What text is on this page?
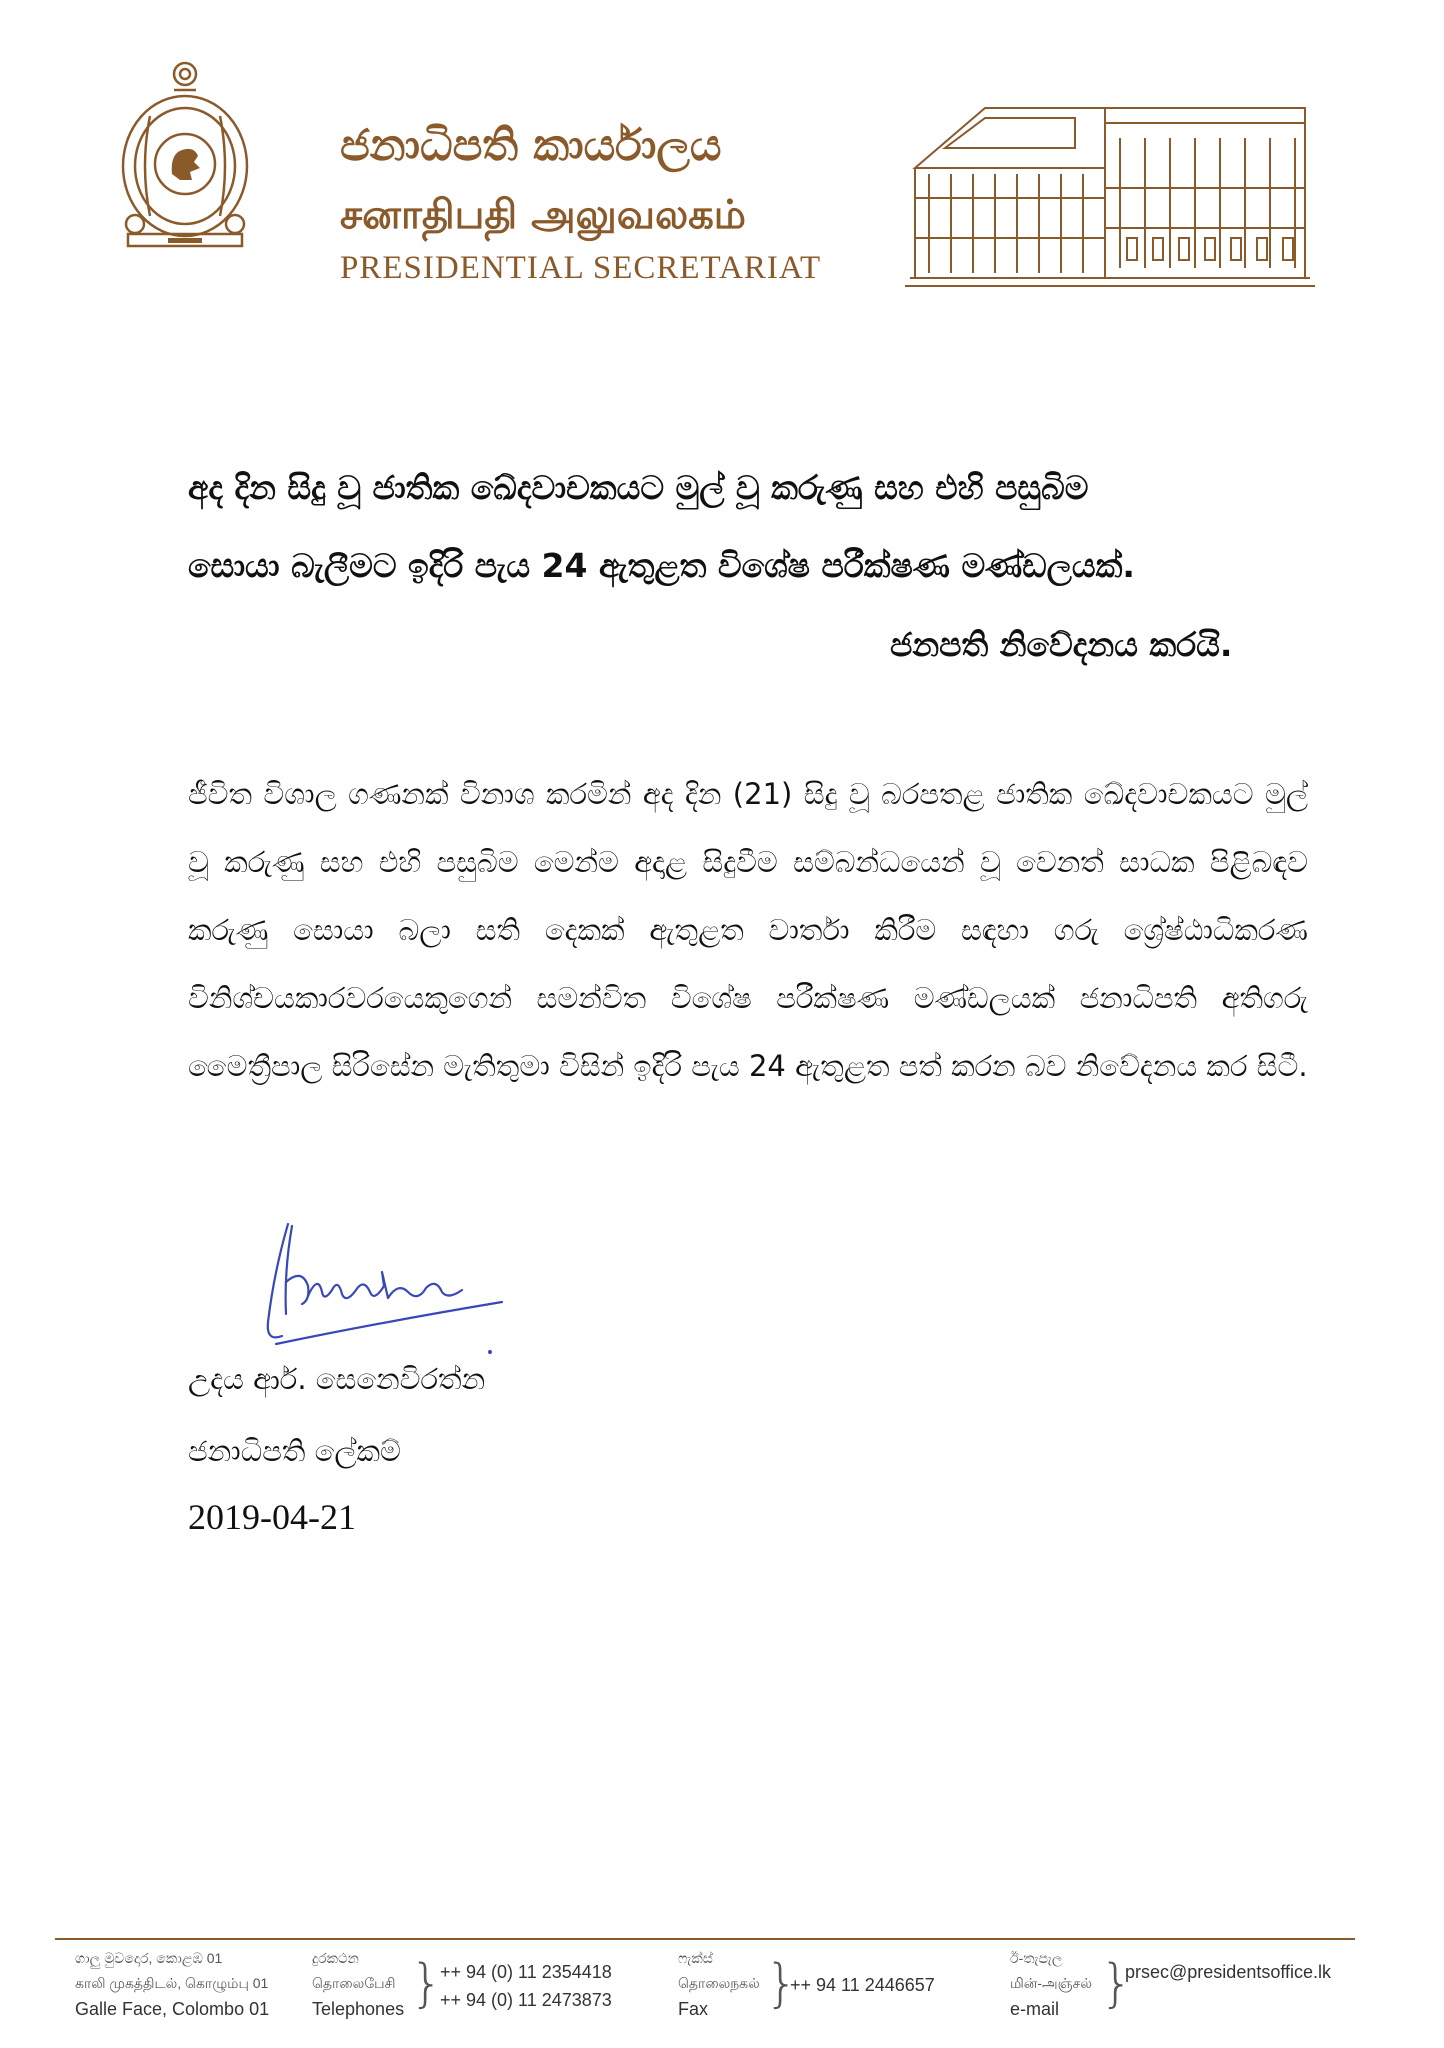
ජනාධිපති කාර්යාලය
சனாதிபதி அலுவலகம்
PRESIDENTIAL SECRETARIAT
අද දින සිදු වූ ජාතික ඛේදවාචකයට මුල් වූ කරුණු සහ එහි පසුබිම
සොයා බැලීමට ඉදිරි පැය 24 ඇතුළත විශේෂ පරීක්ෂණ මණ්ඩලයක්.
ජනපති නිවේදනය කරයි.
ජීවිත විශාල ගණනක් විනාශ කරමින් අද දින (21) සිදු වූ බරපතළ ජාතික ඛේදවාචකයට මුල් වූ කරුණු සහ එහි පසුබිම මෙන්ම අදාළ සිදුවීම සම්බන්ධයෙන් වූ වෙනත් සාධක පිළිබඳව කරුණු සොයා බලා සති දෙකක් ඇතුළත වාර්තා කිරීම සඳහා ගරු ශ්‍රේෂ්ඨාධිකරණ විනිශ්චයකාරවරයෙකුගෙන් සමන්විත විශේෂ පරීක්ෂණ මණ්ඩලයක් ජනාධිපති අතිගරු මෛත්‍රීපාල සිරිසේන මැතිතුමා විසින් ඉදිරි පැය 24 ඇතුළත පත් කරන බව නිවේදනය කර සිටී.
උදය ආර්. සෙනෙවිරත්න
ජනාධිපති ලේකම්
2019-04-21
ගාලු මුවදොර, කොළඹ 01
காலி முகத்திடல், கொழும்பு 01
Galle Face, Colombo 01
දුරකථන
தொலைபேசி
Telephones }
++ 94 (0) 11 2354418
++ 94 (0) 11 2473873
ෆැක්ස්
தொலைநகல்
Fax }
++ 94 11 2446657
ඊ-තැපැල
மின்-அஞ்சல்
e-mail }
prsec@presidentsoffice.lk
